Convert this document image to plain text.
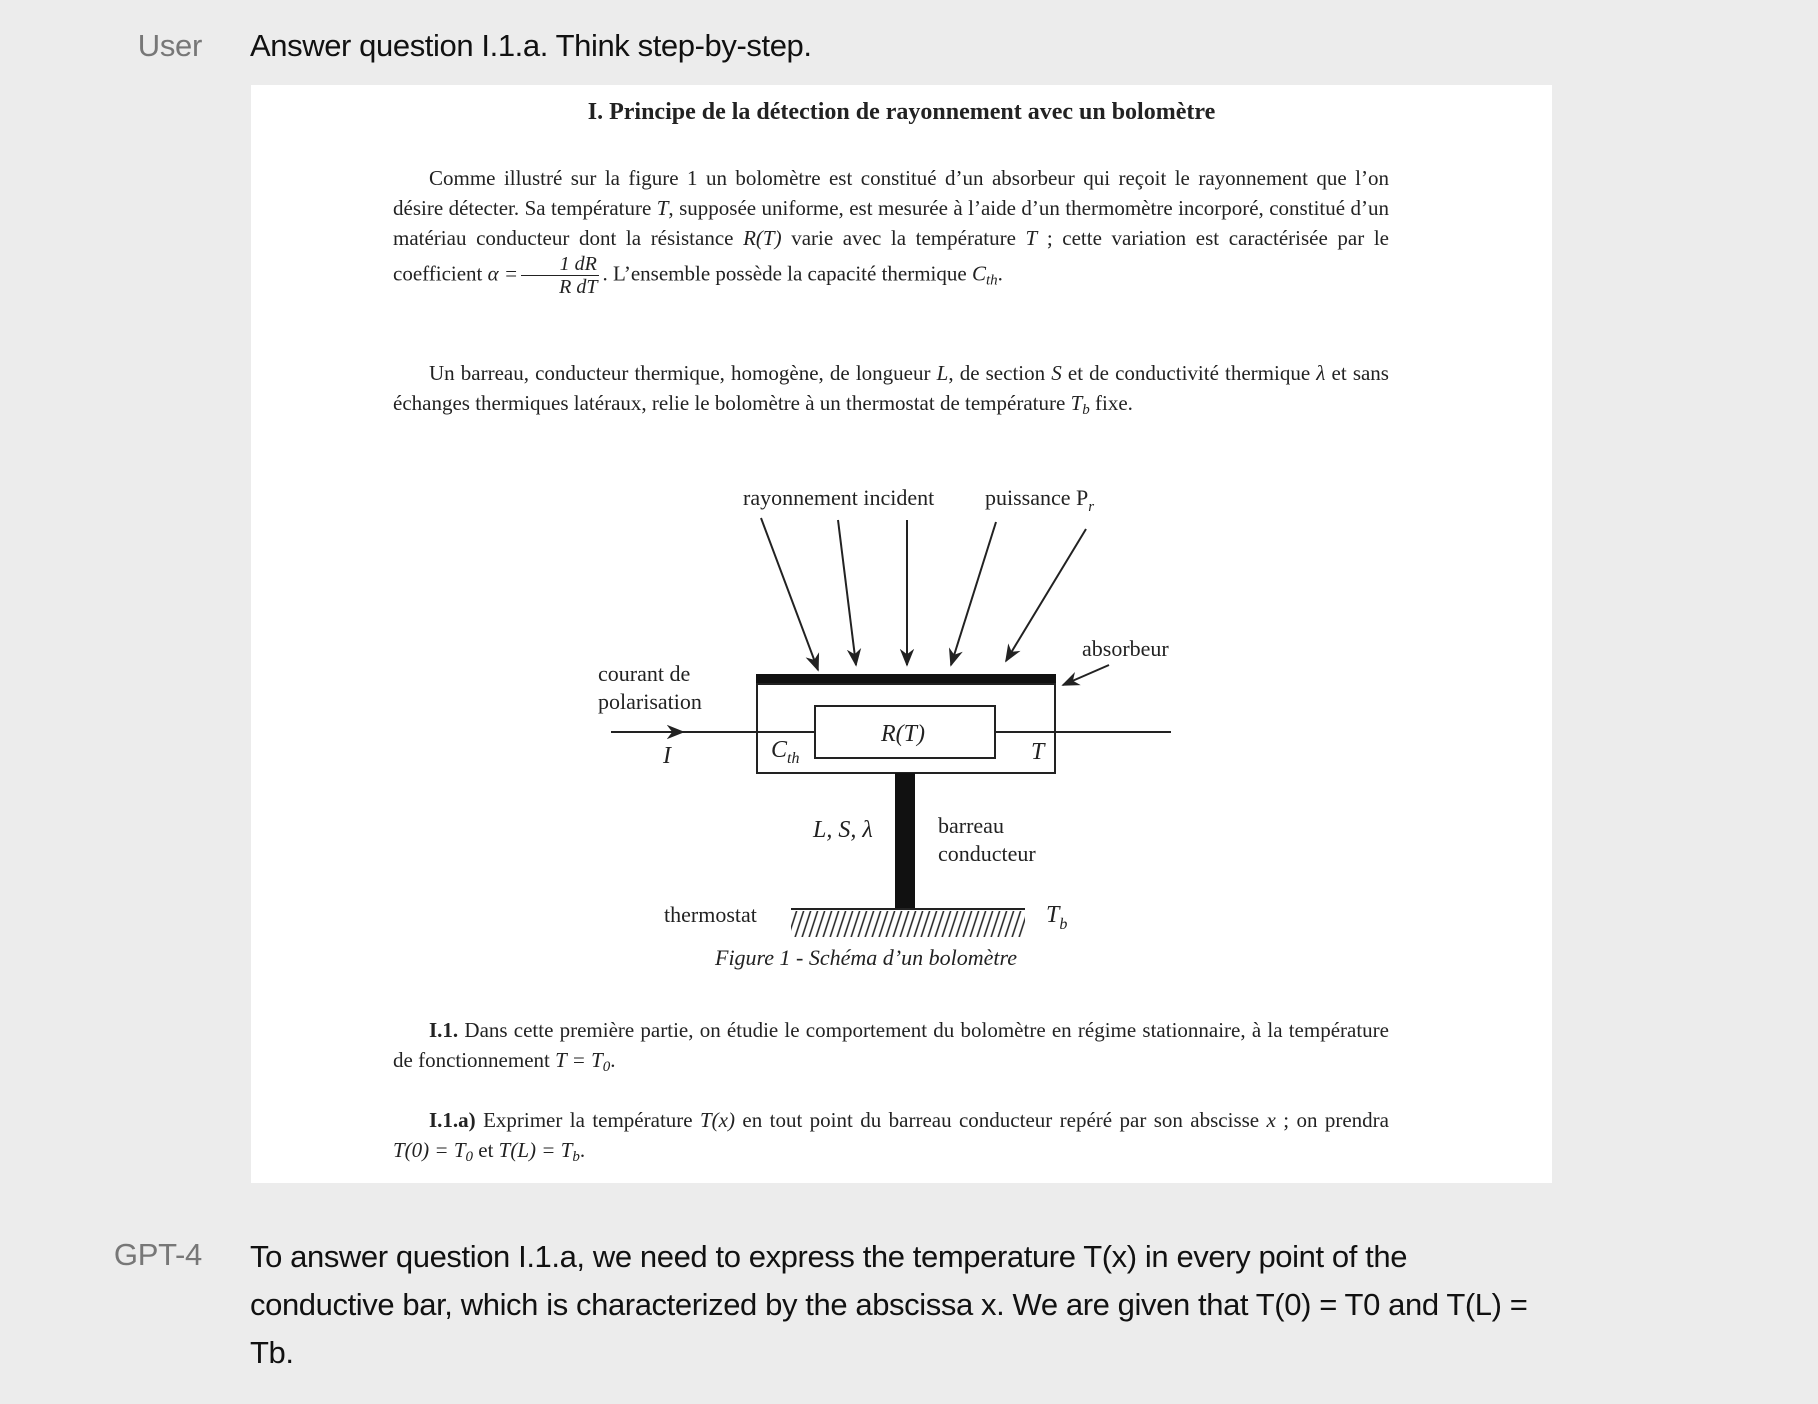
User Answer question I.1.a. Think step-by-step.
I. Principe de la détection de rayonnement avec un bolomètre

Comme illustré sur la figure 1 un bolomètre est constitué d’un absorbeur qui reçoit le rayonnement que l’on désire détecter. Sa température T, supposée uniforme, est mesurée à l’aide d’un thermomètre incorporé, constitué d’un matériau conducteur dont la résistance R(T) varie avec la température T ; cette variation est caractérisée par le coefficient $\alpha = \frac{1 dR}{\text{R dT}}$ . L’ensemble possède la capacité thermique $C_{th}$.

Un barreau, conducteur thermique, homogène, de longueur L, de section S et de conductivité thermique λ et sans échanges thermiques latéraux, relie le bolomètre à un thermostat de température $T_b$ fixe.

rayonnement incident puissance $P_r$
absorbeur
R(T)
$C_{th}$	T
courant de
polarisation
I
L, S, λ	barreau
conducteur
thermostat	$T_b$
Figure 1 - Schéma d’un bolomètre

I.1. Dans cette première partie, on étudie le comportement du bolomètre en régime stationnaire, à la température de fonctionnement $T = T_0$.

I.1.a) Exprimer la température T(x) en tout point du barreau conducteur repéré par son abscisse x ; on prendra $T(0) = T_0$ et $T(L) = T_b$.

GPT-4 To answer question I.1.a, we need to express the temperature T(x) in every point of the conductive bar, which is characterized by the abscissa x. We are given that T(0) = T0 and T(L) = Tb.
